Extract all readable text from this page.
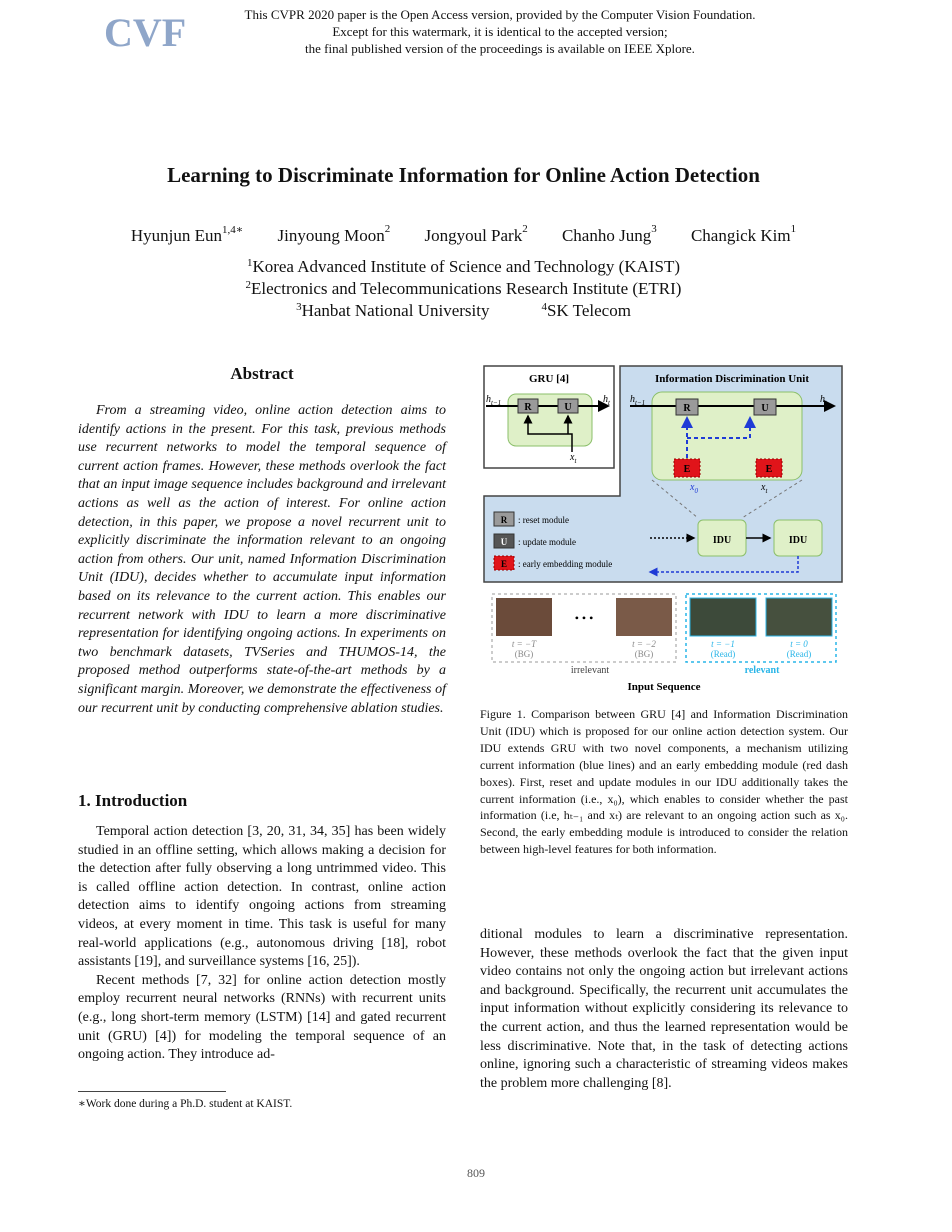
CVF	This CVPR 2020 paper is the Open Access version, provided by the Computer Vision Foundation.
Except for this watermark, it is identical to the accepted version;
the final published version of the proceedings is available on IEEE Xplore.
Learning to Discriminate Information for Online Action Detection
Hyunjun Eun$^{1,4∗}$ Jinyoung Moon$^2$ Jongyoul Park$^2$ Chanho Jung$^3$ Changick Kim$^1$
$^1$Korea Advanced Institute of Science and Technology (KAIST)
$^2$Electronics and Telecommunications Research Institute (ETRI)
$^3$Hanbat National University	$^4$SK Telecom
Abstract
From a streaming video, online action detection aims to identify actions in the present. For this task, previous methods use recurrent networks to model the temporal sequence of current action frames. However, these methods overlook the fact that an input image sequence includes background and irrelevant actions as well as the action of interest. For online action detection, in this paper, we propose a novel recurrent unit to explicitly discriminate the information relevant to an ongoing action from others. Our unit, named Information Discrimination Unit (IDU), decides whether to accumulate input information based on its relevance to the current action. This enables our recurrent network with IDU to learn a more discriminative representation for identifying ongoing actions. In experiments on two benchmark datasets, TVSeries and THUMOS-14, the proposed method outperforms state-of-the-art methods by a significant margin. Moreover, we demonstrate the effectiveness of our recurrent unit by conducting comprehensive ablation studies.
1. Introduction

Temporal action detection [3, 20, 31, 34, 35] has been widely studied in an offline setting, which allows making a decision for the detection after fully observing a long untrimmed video. This is called offline action detection. In contrast, online action detection aims to identify ongoing actions from streaming videos, at every moment in time. This task is useful for many real-world applications (e.g., autonomous driving [18], robot assistants [19], and surveillance systems [16, 25]).

Recent methods [7, 32] for online action detection mostly employ recurrent neural networks (RNNs) with recurrent units (e.g., long short-term memory (LSTM) [14] and gated recurrent unit (GRU) [4]) for modeling the temporal sequence of an ongoing action. They introduce ad-

∗Work done during a Ph.D. student at KAIST.
GRU [4]
R	U
$h_{t-1}$	$h_t$
$x_t$
Information Discrimination Unit
R	U
E	E
$h_{t-1}$	$h_t$
$x_0$	$x_t$
R : reset module
U : update module
E : early embedding module
IDU	IDU
• • •
t = −T
(BG)
t = −2
(BG)
t = −1
(Read)
t = 0
(Read)
irrelevant	relevant
Input Sequence
Figure 1. Comparison between GRU [4] and Information Discrimination Unit (IDU) which is proposed for our online action detection system. Our IDU extends GRU with two novel components, a mechanism utilizing current information (blue lines) and an early embedding module (red dash boxes). First, reset and update modules in our IDU additionally takes the current information (i.e., x₀), which enables to consider whether the past information (i.e, hₜ₋₁ and xₜ) are relevant to an ongoing action such as x₀. Second, the early embedding module is introduced to consider the relation between high-level features for both information.
ditional modules to learn a discriminative representation. However, these methods overlook the fact that the given input video contains not only the ongoing action but irrelevant actions and background. Specifically, the recurrent unit accumulates the input information without explicitly considering its relevance to the current action, and thus the learned representation would be less discriminative. Note that, in the task of detecting actions online, ignoring such a characteristic of streaming videos makes the problem more challenging [8].
809
